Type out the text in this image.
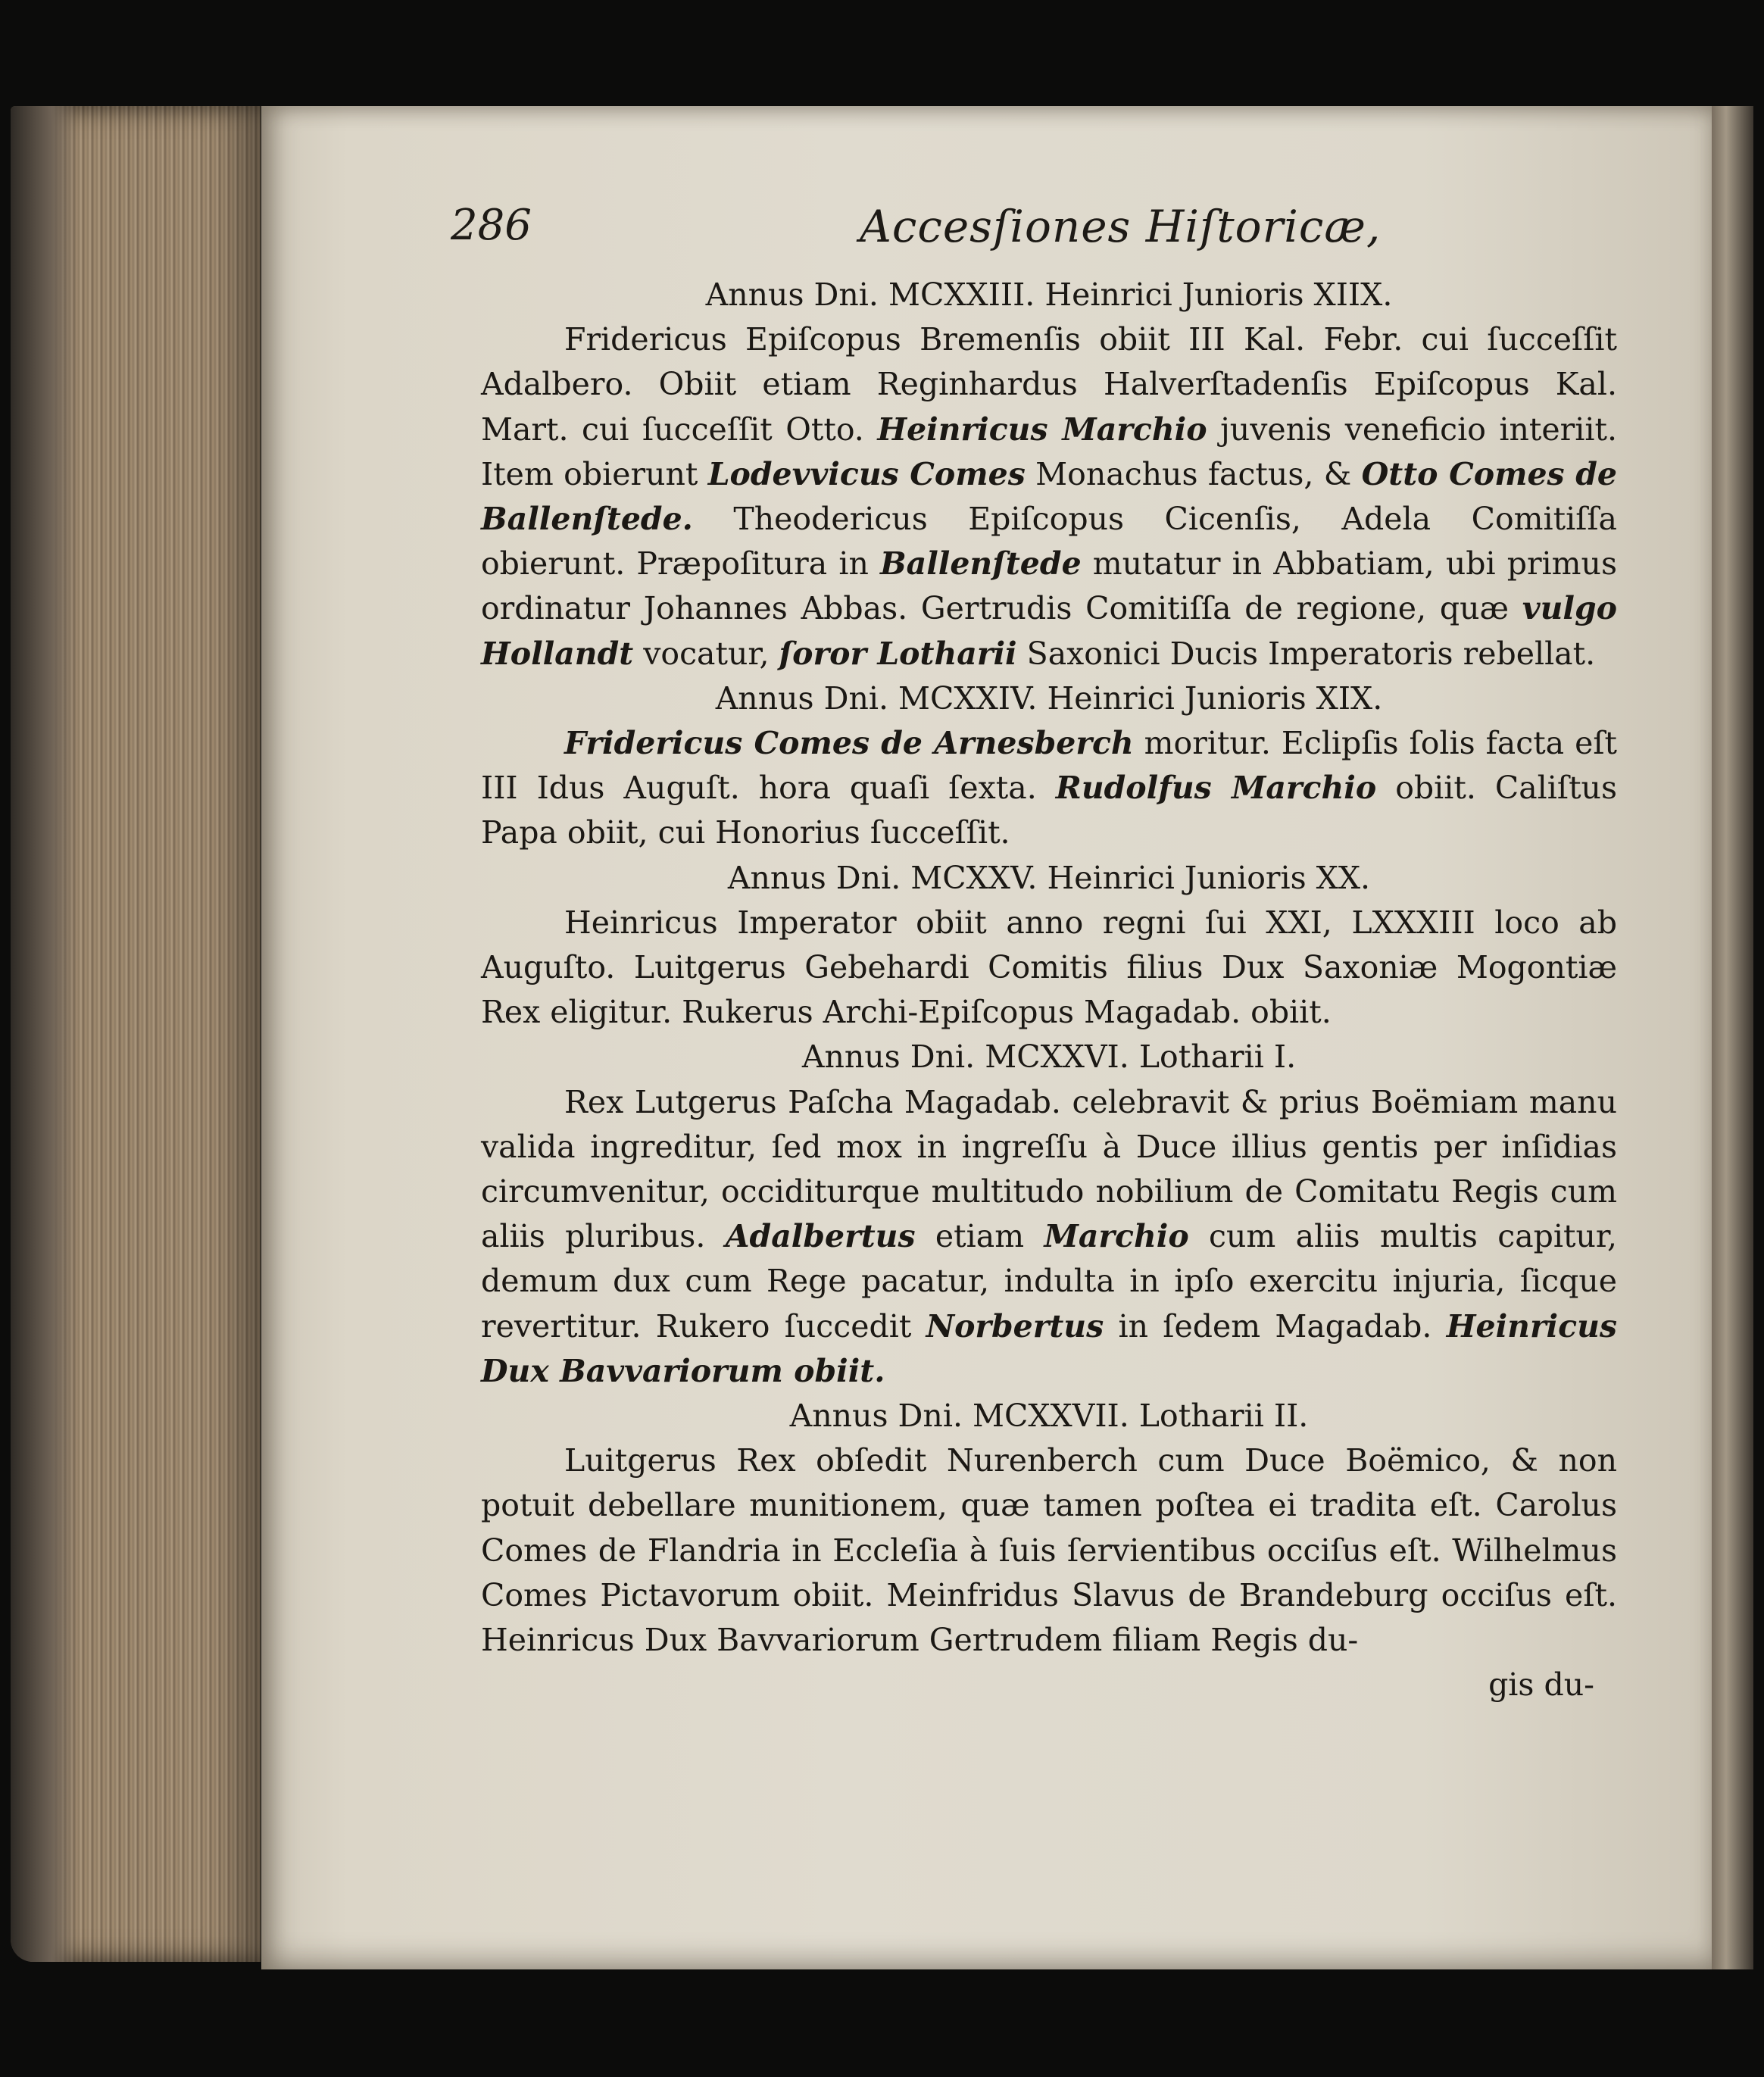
286	Accesſiones Hiſtoricæ,
Annus Dni. MCXXIII. Heinrici Junioris XIIX.
Fridericus Epiſcopus Bremenſis obiit III Kal. Febr. cui ſucceſſit Adalbero. Obiit etiam Reginhardus Halverſtadenſis Epiſcopus Kal. Mart. cui ſucceſſit Otto. Heinricus Marchio juvenis veneficio interiit. Item obierunt Lodevvicus Comes Monachus factus, & Otto Comes de Ballenſtede. Theodericus Epiſcopus Cicenſis, Adela Comitiſſa obierunt. Præpoſitura in Ballenſtede mutatur in Abbatiam, ubi primus ordinatur Johannes Abbas. Gertrudis Comitiſſa de regione, quæ vulgo Hollandt vocatur, ſoror Lotharii Saxonici Ducis Imperatoris rebellat.
Annus Dni. MCXXIV. Heinrici Junioris XIX.
Fridericus Comes de Arnesberch moritur. Eclipſis ſolis facta eſt III Idus Auguſt. hora quaſi ſexta. Rudolfus Marchio obiit. Caliſtus Papa obiit, cui Honorius ſucceſſit.
Annus Dni. MCXXV. Heinrici Junioris XX.
Heinricus Imperator obiit anno regni ſui XXI, LXXXIII loco ab Auguſto. Luitgerus Gebehardi Comitis filius Dux Saxoniæ Mogontiæ Rex eligitur. Rukerus Archi-Epiſcopus Magadab. obiit.
Annus Dni. MCXXVI. Lotharii I.
Rex Lutgerus Paſcha Magadab. celebravit & prius Boëmiam manu valida ingreditur, ſed mox in ingreſſu à Duce illius gentis per inſidias circumvenitur, occiditurque multitudo nobilium de Comitatu Regis cum aliis pluribus. Adalbertus etiam Marchio cum aliis multis capitur, demum dux cum Rege pacatur, indulta in ipſo exercitu injuria, ſicque revertitur. Rukero ſuccedit Norbertus in ſedem Magadab. Heinricus Dux Bavvariorum obiit.
Annus Dni. MCXXVII. Lotharii II.
Luitgerus Rex obſedit Nurenberch cum Duce Boëmico, & non potuit debellare munitionem, quæ tamen poſtea ei tradita eſt. Carolus Comes de Flandria in Eccleſia à ſuis ſervientibus occiſus eſt. Wilhelmus Comes Pictavorum obiit. Meinfridus Slavus de Brandeburg occiſus eſt. Heinricus Dux Bavvariorum Gertrudem filiam Regis du-
gis du-
